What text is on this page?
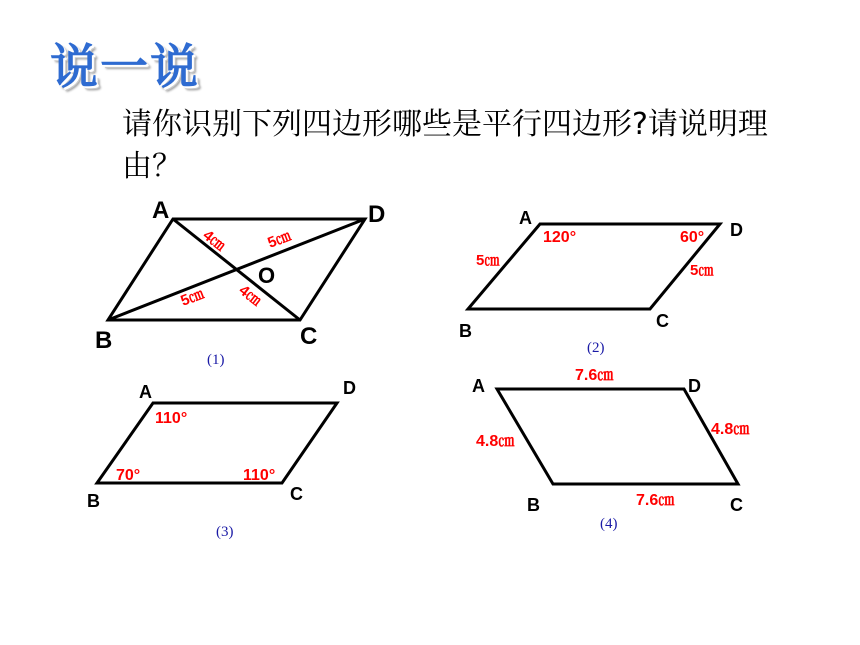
说一说

请你识别下列四边形哪些是平行四边形?请说明理由？

A	D
B	C
O
4㎝ 5㎝
5㎝ 4㎝
(1)
A
D
B	C
120°	60°
5㎝
5㎝
(2)
A	D
B	C
110°
70°	110°
(3)
A	D
B	C
7.6㎝
4.8㎝
4.8㎝
7.6㎝
(4)
